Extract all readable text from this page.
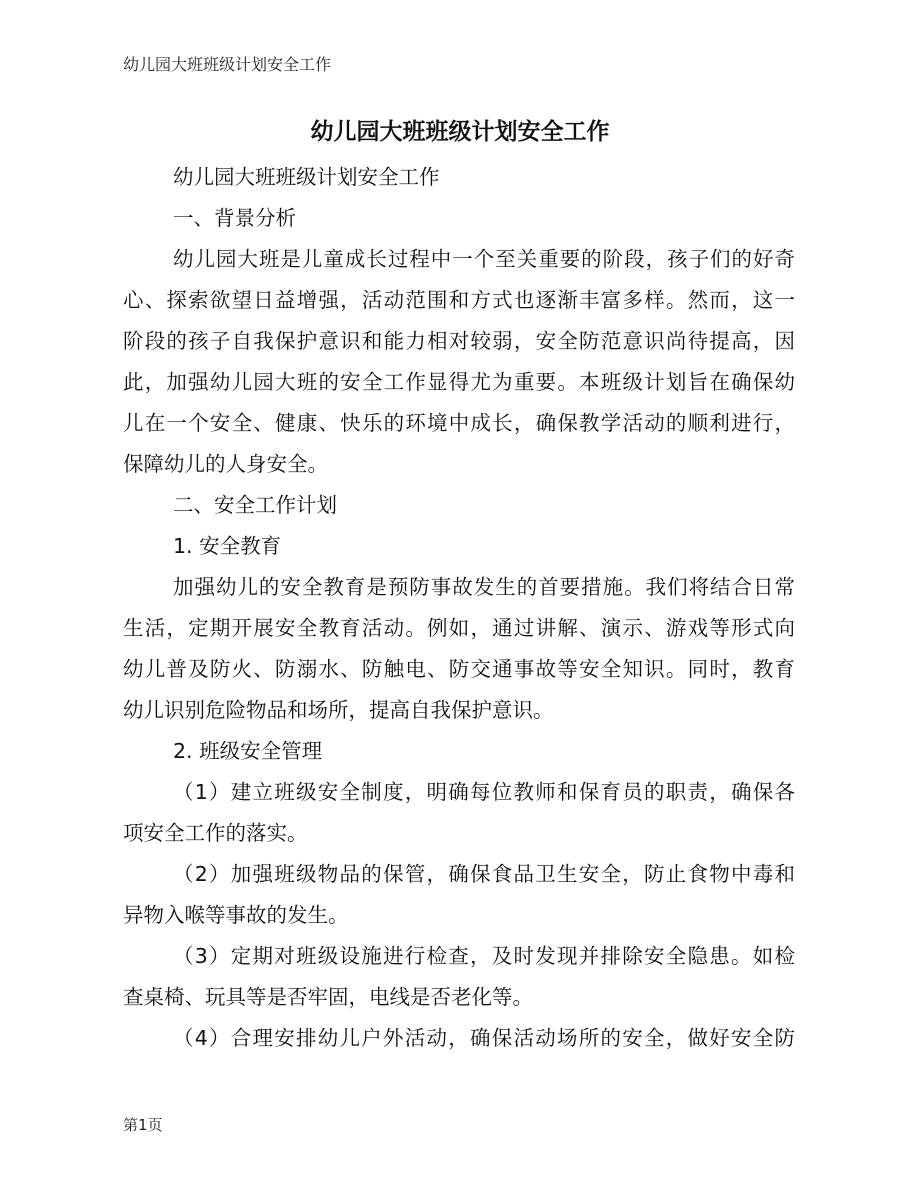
幼儿园大班班级计划安全工作
幼儿园大班班级计划安全工作
幼儿园大班班级计划安全工作
一、背景分析
幼儿园大班是儿童成长过程中一个至关重要的阶段，孩子们的好奇
心、探索欲望日益增强，活动范围和方式也逐渐丰富多样。然而，这一
阶段的孩子自我保护意识和能力相对较弱，安全防范意识尚待提高，因
此，加强幼儿园大班的安全工作显得尤为重要。本班级计划旨在确保幼
儿在一个安全、健康、快乐的环境中成长，确保教学活动的顺利进行，
保障幼儿的人身安全。
二、安全工作计划
1. 安全教育
加强幼儿的安全教育是预防事故发生的首要措施。我们将结合日常
生活，定期开展安全教育活动。例如，通过讲解、演示、游戏等形式向
幼儿普及防火、防溺水、防触电、防交通事故等安全知识。同时，教育
幼儿识别危险物品和场所，提高自我保护意识。
2. 班级安全管理
（1）建立班级安全制度，明确每位教师和保育员的职责，确保各
项安全工作的落实。
（2）加强班级物品的保管，确保食品卫生安全，防止食物中毒和
异物入喉等事故的发生。
（3）定期对班级设施进行检查，及时发现并排除安全隐患。如检
查桌椅、玩具等是否牢固，电线是否老化等。
（4）合理安排幼儿户外活动，确保活动场所的安全，做好安全防
第1页
